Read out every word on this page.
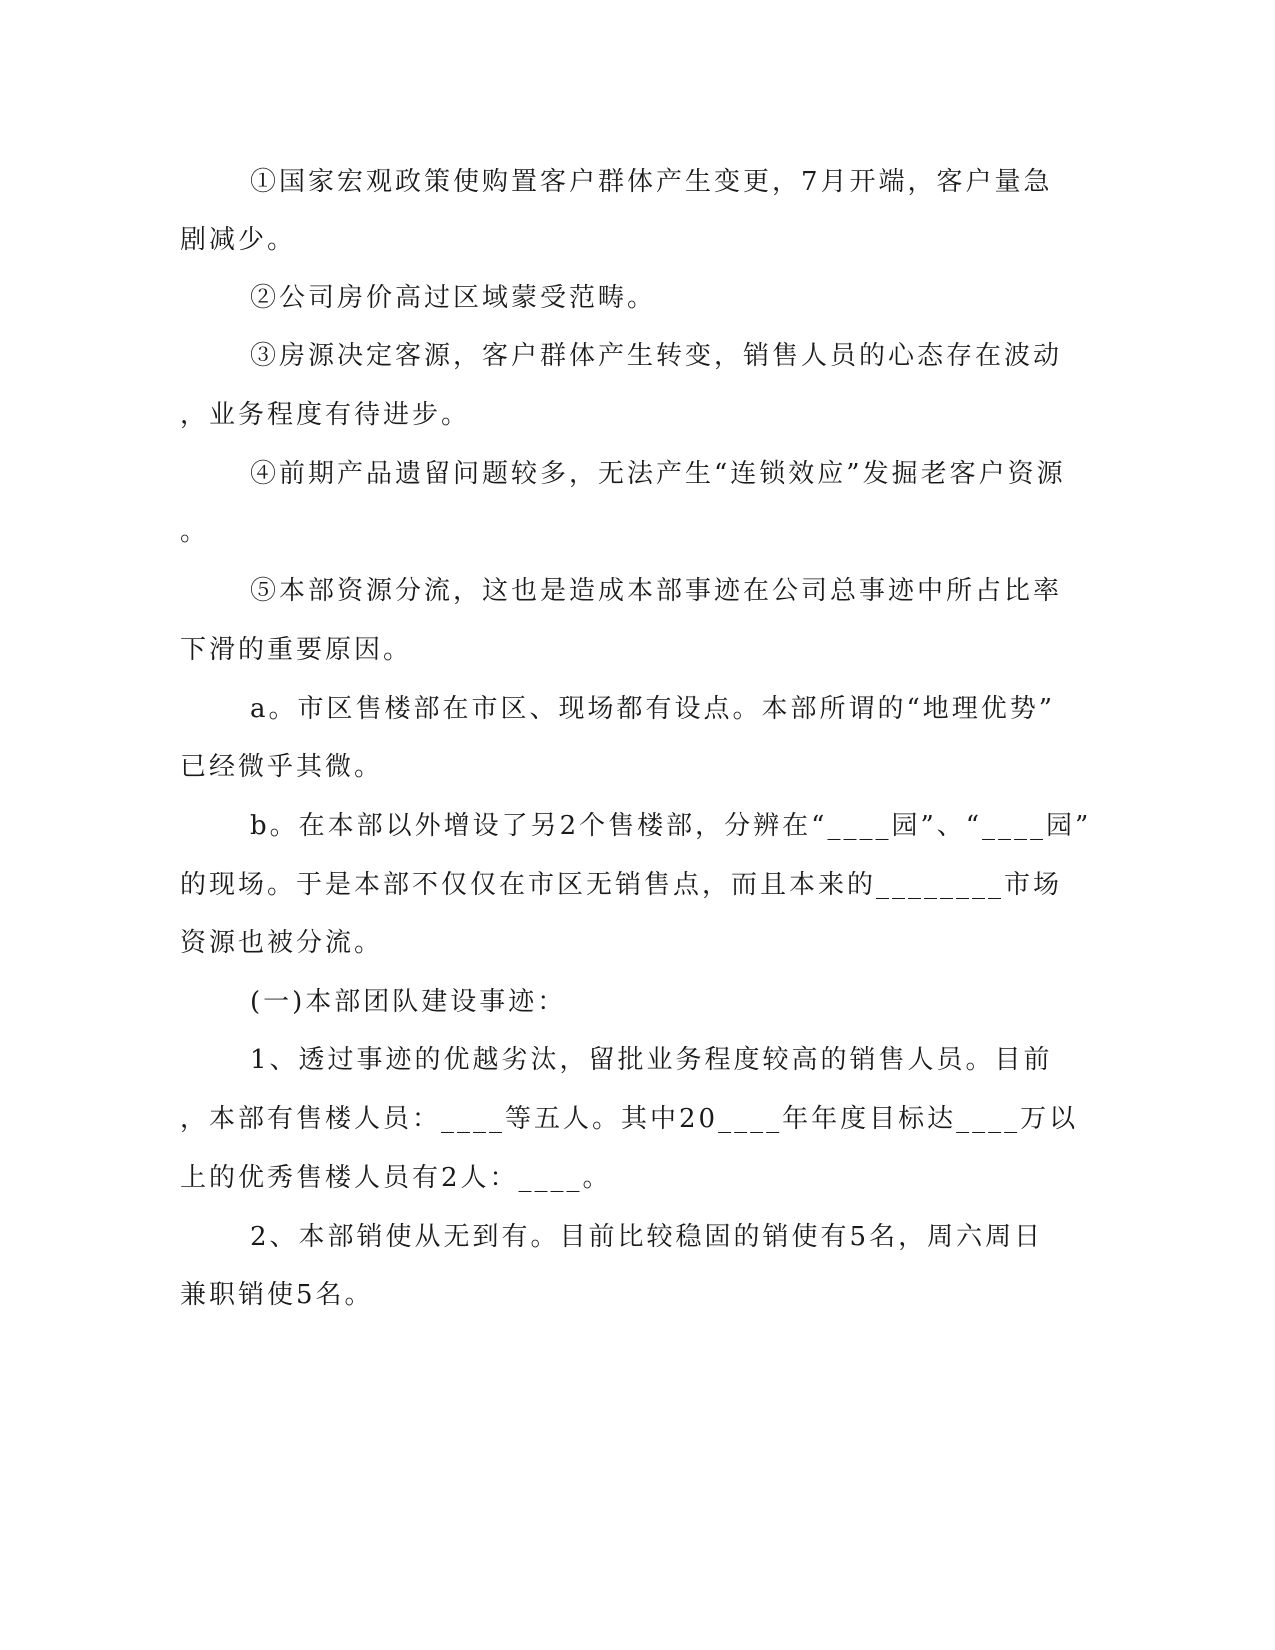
①国家宏观政策使购置客户群体产生变更，7月开端，客户量急
剧减少。
②公司房价高过区域蒙受范畴。
③房源决定客源，客户群体产生转变，销售人员的心态存在波动
，业务程度有待进步。
④前期产品遗留问题较多，无法产生“连锁效应”发掘老客户资源
。
⑤本部资源分流，这也是造成本部事迹在公司总事迹中所占比率
下滑的重要原因。
a。市区售楼部在市区、现场都有设点。本部所谓的“地理优势”
已经微乎其微。
b。在本部以外增设了另2个售楼部，分辨在“____园”、“____园”
的现场。于是本部不仅仅在市区无销售点，而且本来的________市场
资源也被分流。
(一)本部团队建设事迹：
1、透过事迹的优越劣汰，留批业务程度较高的销售人员。目前
，本部有售楼人员：____等五人。其中20____年年度目标达____万以
上的优秀售楼人员有2人：____。
2、本部销使从无到有。目前比较稳固的销使有5名，周六周日
兼职销使5名。
